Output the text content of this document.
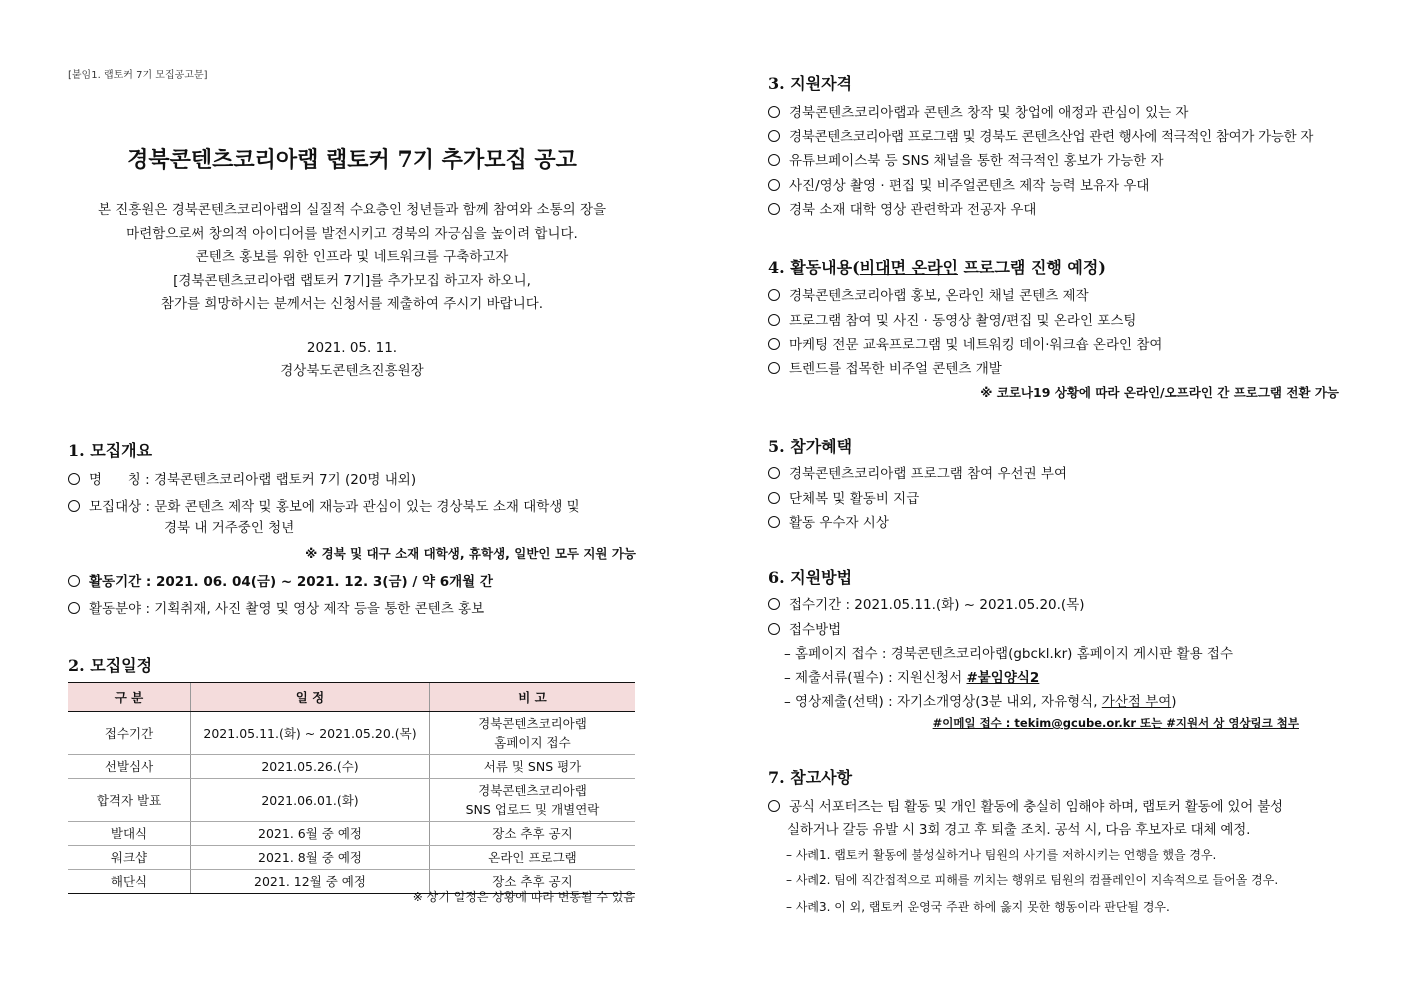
[붙임1. 랩토커 7기 모집공고문]
경북콘텐츠코리아랩 랩토커 7기 추가모집 공고
본 진흥원은 경북콘텐츠코리아랩의 실질적 수요층인 청년들과 함께 참여와 소통의 장을
마련함으로써 창의적 아이디어를 발전시키고 경북의 자긍심을 높이려 합니다.
콘텐츠 홍보를 위한 인프라 및 네트워크를 구축하고자
[경북콘텐츠코리아랩 랩토커 7기]를 추가모집 하고자 하오니,
참가를 희망하시는 분께서는 신청서를 제출하여 주시기 바랍니다.
2021. 05. 11.
경상북도콘텐츠진흥원장
1. 모집개요
명      칭 : 경북콘텐츠코리아랩 랩토커 7기 (20명 내외)
모집대상 : 문화 콘텐츠 제작 및 홍보에 재능과 관심이 있는 경상북도 소재 대학생 및
경북 내 거주중인 청년
※ 경북 및 대구 소재 대학생, 휴학생, 일반인 모두 지원 가능
활동기간 : 2021. 06. 04(금) ~ 2021. 12. 3(금) / 약 6개월 간
활동분야 : 기획취재, 사진 촬영 및 영상 제작 등을 통한 콘텐츠 홍보
2. 모집일정
구 분	일 정	비 고
접수기간	2021.05.11.(화) ~ 2021.05.20.(목)	경북콘텐츠코리아랩
홈페이지 접수

선발심사	2021.05.26.(수)	서류 및 SNS 평가
합격자 발표	2021.06.01.(화)	경북콘텐츠코리아랩
SNS 업로드 및 개별연락

발대식	2021. 6월 중 예정	장소 추후 공지
워크샵	2021. 8월 중 예정	온라인 프로그램
해단식	2021. 12월 중 예정	장소 추후 공지
※ 상기 일정은 상황에 따라 변동될 수 있음
3. 지원자격
경북콘텐츠코리아랩과 콘텐츠 창작 및 창업에 애정과 관심이 있는 자
경북콘텐츠코리아랩 프로그램 및 경북도 콘텐츠산업 관련 행사에 적극적인 참여가 가능한 자
유튜브페이스북 등 SNS 채널을 통한 적극적인 홍보가 가능한 자
사진/영상 촬영 · 편집 및 비주얼콘텐츠 제작 능력 보유자 우대
경북 소재 대학 영상 관련학과 전공자 우대
4. 활동내용(비대면 온라인 프로그램 진행 예정)
경북콘텐츠코리아랩 홍보, 온라인 채널 콘텐츠 제작
프로그램 참여 및 사진 · 동영상 촬영/편집 및 온라인 포스팅
마케팅 전문 교육프로그램 및 네트워킹 데이·워크숍 온라인 참여
트렌드를 접목한 비주얼 콘텐츠 개발
※ 코로나19 상황에 따라 온라인/오프라인 간 프로그램 전환 가능
5. 참가혜택
경북콘텐츠코리아랩 프로그램 참여 우선권 부여
단체복 및 활동비 지급
활동 우수자 시상
6. 지원방법
접수기간 : 2021.05.11.(화) ~ 2021.05.20.(목)
접수방법
– 홈페이지 접수 : 경북콘텐츠코리아랩(gbckl.kr) 홈페이지 게시판 활용 접수
– 제출서류(필수) : 지원신청서 #붙임양식2
– 영상제출(선택) : 자기소개영상(3분 내외, 자유형식, 가산점 부여)
#이메일 접수 : tekim@gcube.or.kr 또는 #지원서 상 영상링크 첨부
7. 참고사항
공식 서포터즈는 팀 활동 및 개인 활동에 충실히 임해야 하며, 랩토커 활동에 있어 불성
실하거나 갈등 유발 시 3회 경고 후 퇴출 조치. 공석 시, 다음 후보자로 대체 예정.
– 사례1. 랩토커 활동에 불성실하거나 팀원의 사기를 저하시키는 언행을 했을 경우.
– 사례2. 팀에 직간접적으로 피해를 끼치는 행위로 팀원의 컴플레인이 지속적으로 들어올 경우.
– 사례3. 이 외, 랩토커 운영국 주관 하에 옳지 못한 행동이라 판단될 경우.
